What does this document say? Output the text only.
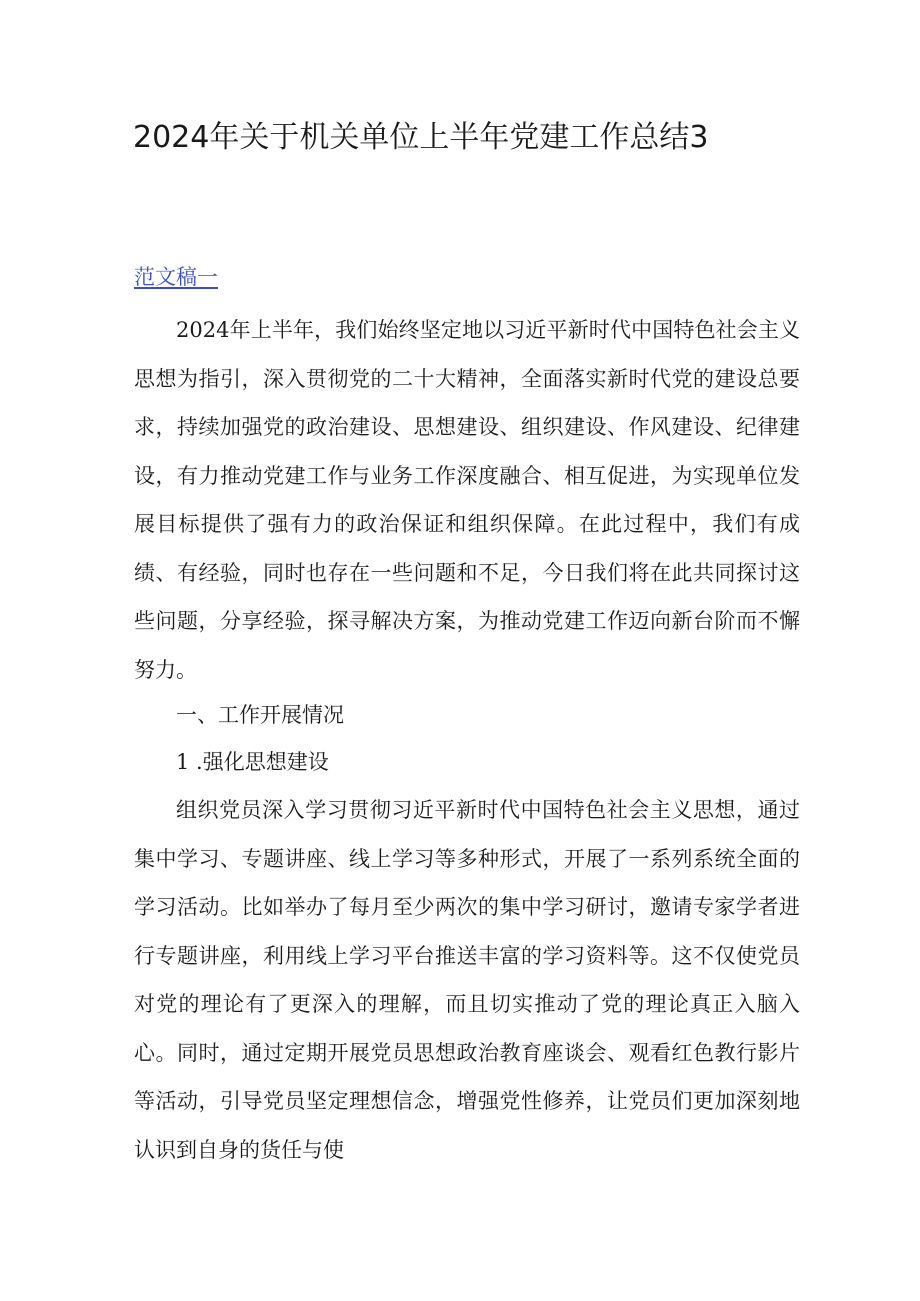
2024年关于机关单位上半年党建工作总结3
范文稿一

2024年上半年，我们始终坚定地以习近平新时代中国特色社会主义思想为指引，深入贯彻党的二十大精神，全面落实新时代党的建设总要求，持续加强党的政治建设、思想建设、组织建设、作风建设、纪律建设，有力推动党建工作与业务工作深度融合、相互促进，为实现单位发展目标提供了强有力的政治保证和组织保障。在此过程中，我们有成绩、有经验，同时也存在一些问题和不足，今日我们将在此共同探讨这些问题，分享经验，探寻解决方案，为推动党建工作迈向新台阶而不懈努力。

一、工作开展情况
1 .强化思想建设

组织党员深入学习贯彻习近平新时代中国特色社会主义思想，通过集中学习、专题讲座、线上学习等多种形式，开展了一系列系统全面的学习活动。比如举办了每月至少两次的集中学习研讨，邀请专家学者进行专题讲座，利用线上学习平台推送丰富的学习资料等。这不仅使党员对党的理论有了更深入的理解，而且切实推动了党的理论真正入脑入心。同时，通过定期开展党员思想政治教育座谈会、观看红色教行影片等活动，引导党员坚定理想信念，增强党性修养，让党员们更加深刻地认识到自身的货任与使
